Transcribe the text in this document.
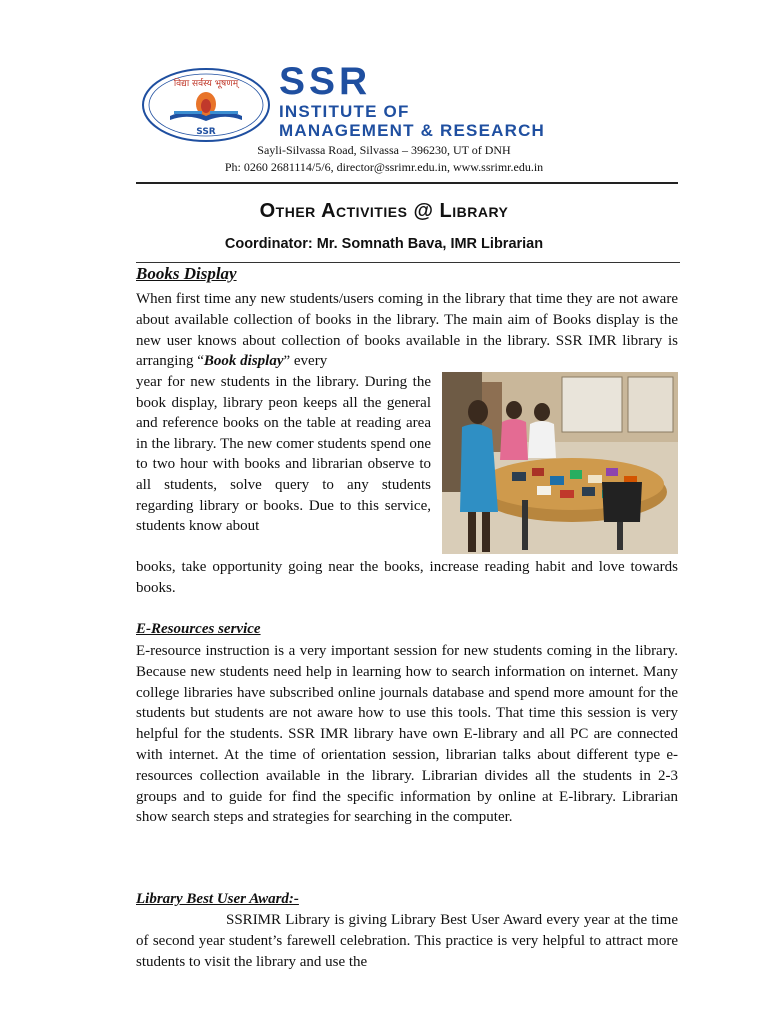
विद्या सर्वस्य भूषणम्
SSR
SSR
INSTITUTE OF
MANAGEMENT & RESEARCH
Sayli-Silvassa Road, Silvassa – 396230, UT of DNH
Ph: 0260 2681114/5/6, director@ssrimr.edu.in, www.ssrimr.edu.in
Other Activities @ Library
Coordinator: Mr. Somnath Bava, IMR Librarian
Books Display
When first time any new students/users coming in the library that time they are not aware about available collection of books in the library. The main aim of Books display is the new user knows about collection of books available in the library. SSR IMR library is arranging “Book display” every
year for new students in the library. During the book display, library peon keeps all the general and reference books on the table at reading area in the library. The new comer students spend one to two hour with books and librarian observe to all students, solve query to any students regarding library or books. Due to this service, students know about
books, take opportunity going near the books, increase reading habit and love towards books.
E-Resources service
E-resource instruction is a very important session for new students coming in the library. Because new students need help in learning how to search information on internet. Many college libraries have subscribed online journals database and spend more amount for the students but students are not aware how to use this tools. That time this session is very helpful for the students. SSR IMR library have own E-library and all PC are connected with internet. At the time of orientation session, librarian talks about different type e-resources collection available in the library. Librarian divides all the students in 2-3 groups and to guide for find the specific information by online at E-library. Librarian show search steps and strategies for searching in the computer.
Library Best User Award:-
SSRIMR Library is giving Library Best User Award every year at the time of second year student’s farewell celebration. This practice is very helpful to attract more students to visit the library and use the
